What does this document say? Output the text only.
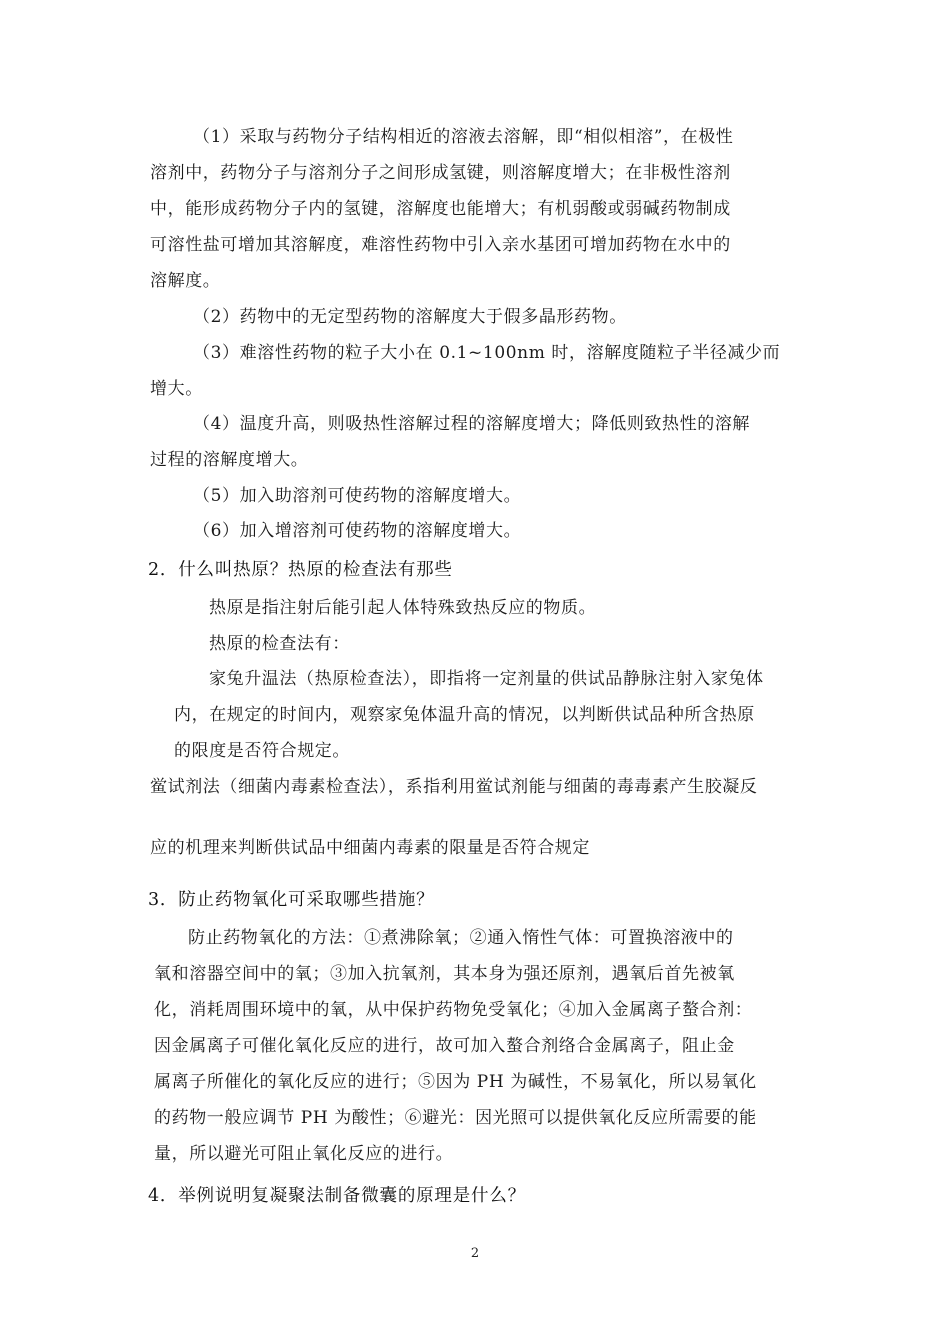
（1）采取与药物分子结构相近的溶液去溶解，即“相似相溶”，在极性
溶剂中，药物分子与溶剂分子之间形成氢键，则溶解度增大；在非极性溶剂
中，能形成药物分子内的氢键，溶解度也能增大；有机弱酸或弱碱药物制成
可溶性盐可增加其溶解度，难溶性药物中引入亲水基团可增加药物在水中的
溶解度。
（2）药物中的无定型药物的溶解度大于假多晶形药物。
（3）难溶性药物的粒子大小在 0.1~100nm 时，溶解度随粒子半径减少而
增大。
（4）温度升高，则吸热性溶解过程的溶解度增大；降低则致热性的溶解
过程的溶解度增大。
（5）加入助溶剂可使药物的溶解度增大。
（6）加入增溶剂可使药物的溶解度增大。
2．什么叫热原？热原的检查法有那些
热原是指注射后能引起人体特殊致热反应的物质。
热原的检查法有：
家兔升温法（热原检查法），即指将一定剂量的供试品静脉注射入家兔体
内，在规定的时间内，观察家兔体温升高的情况，以判断供试品种所含热原
的限度是否符合规定。
鲎试剂法（细菌内毒素检查法），系指利用鲎试剂能与细菌的毒毒素产生胶凝反
应的机理来判断供试品中细菌内毒素的限量是否符合规定
3．防止药物氧化可采取哪些措施？
防止药物氧化的方法：①煮沸除氧；②通入惰性气体：可置换溶液中的
氧和溶器空间中的氧；③加入抗氧剂，其本身为强还原剂，遇氧后首先被氧
化，消耗周围环境中的氧，从中保护药物免受氧化；④加入金属离子螯合剂：
因金属离子可催化氧化反应的进行，故可加入螯合剂络合金属离子，阻止金
属离子所催化的氧化反应的进行；⑤因为 PH 为碱性，不易氧化，所以易氧化
的药物一般应调节 PH 为酸性；⑥避光：因光照可以提供氧化反应所需要的能
量，所以避光可阻止氧化反应的进行。
4．举例说明复凝聚法制备微囊的原理是什么？
2
